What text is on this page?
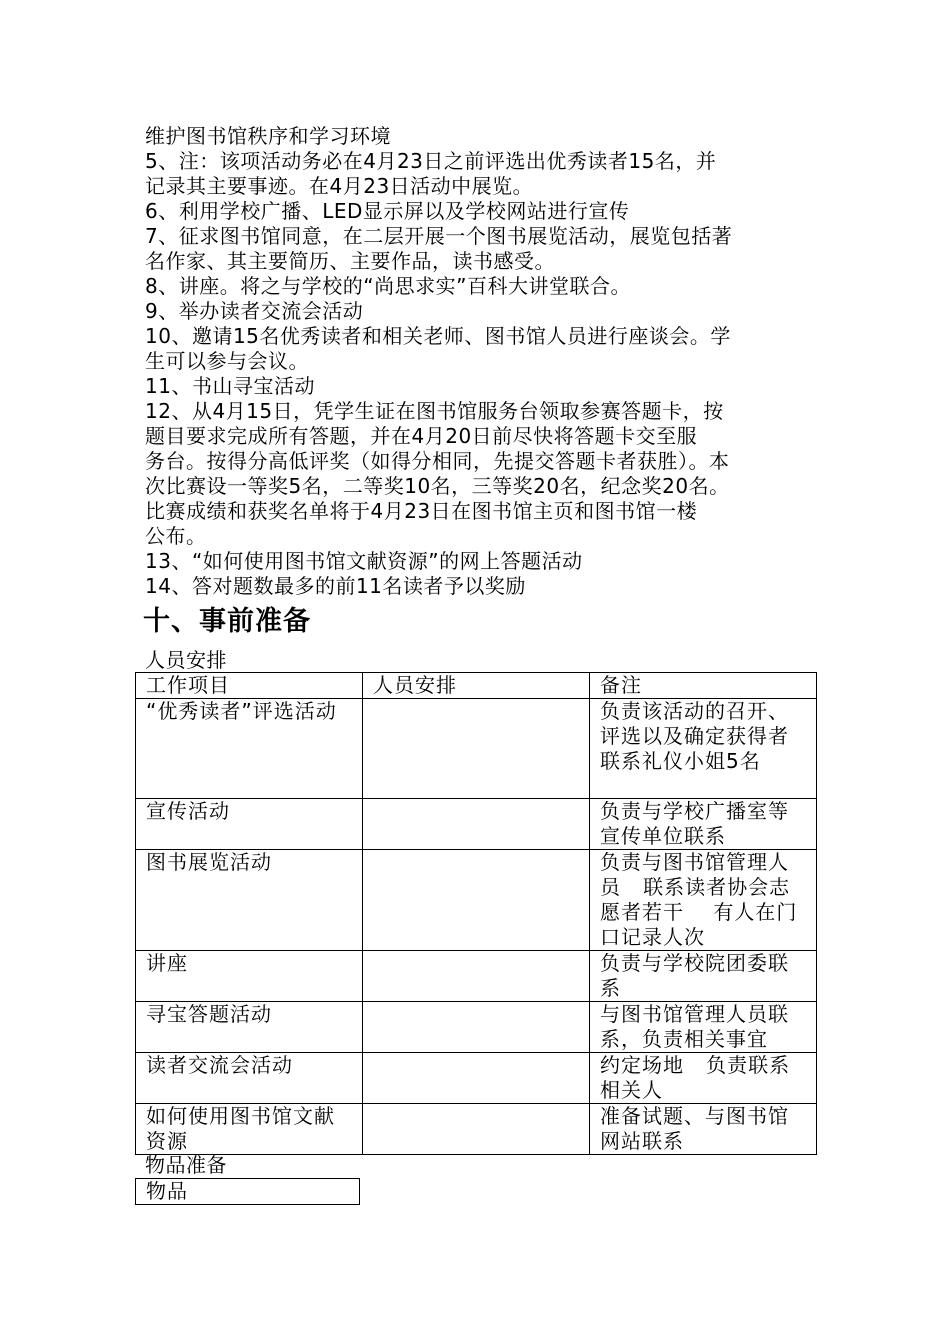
维护图书馆秩序和学习环境
5、注：该项活动务必在4月23日之前评选出优秀读者15名，并
记录其主要事迹。在4月23日活动中展览。
6、利用学校广播、LED显示屏以及学校网站进行宣传
7、征求图书馆同意，在二层开展一个图书展览活动，展览包括著
名作家、其主要简历、主要作品，读书感受。
8、讲座。将之与学校的“尚思求实”百科大讲堂联合。
9、举办读者交流会活动
10、邀请15名优秀读者和相关老师、图书馆人员进行座谈会。学
生可以参与会议。
11、书山寻宝活动
12、从4月15日，凭学生证在图书馆服务台领取参赛答题卡，按
题目要求完成所有答题，并在4月20日前尽快将答题卡交至服
务台。按得分高低评奖（如得分相同，先提交答题卡者获胜）。本
次比赛设一等奖5名，二等奖10名，三等奖20名，纪念奖20名。
比赛成绩和获奖名单将于4月23日在图书馆主页和图书馆一楼
公布。
13、“如何使用图书馆文献资源”的网上答题活动
14、答对题数最多的前11名读者予以奖励
十、事前准备
人员安排
工作项目	人员安排	备注
“优秀读者”评选活动		负责该活动的召开、评选以及确定获得者   联系礼仪小姐5名
宣传活动		负责与学校广播室等宣传单位联系
图书展览活动		负责与图书馆管理人员   联系读者协会志愿者若干    有人在门口记录人次
讲座		负责与学校院团委联系
寻宝答题活动		与图书馆管理人员联系，负责相关事宜
读者交流会活动		约定场地   负责联系相关人
如何使用图书馆文献资源		准备试题、与图书馆网站联系
物品准备
物品
